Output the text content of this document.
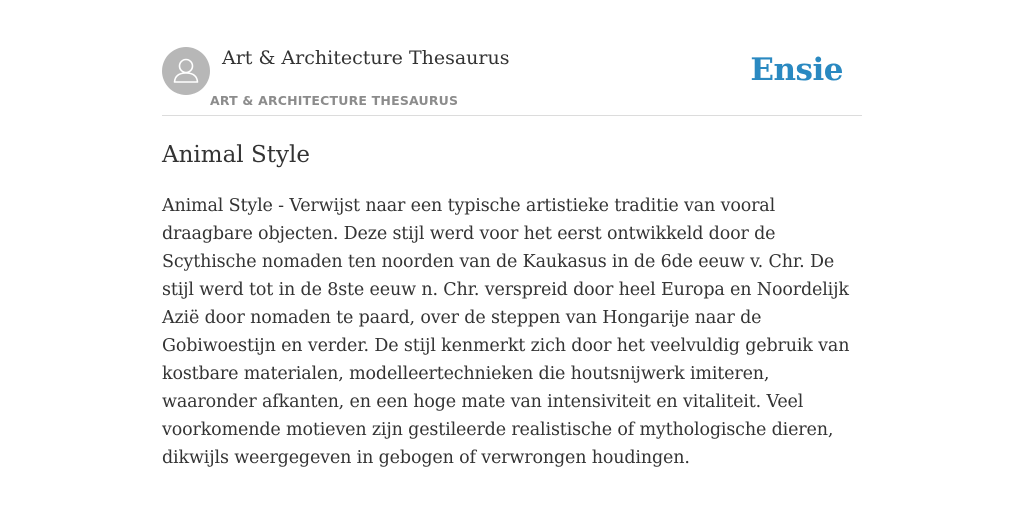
Art & Architecture Thesaurus
ART & ARCHITECTURE THESAURUS
Ensie
Animal Style

Animal Style - Verwijst naar een typische artistieke traditie van vooral draagbare objecten. Deze stijl werd voor het eerst ontwikkeld door de Scythische nomaden ten noorden van de Kaukasus in de 6de eeuw v. Chr. De stijl werd tot in de 8ste eeuw n. Chr. verspreid door heel Europa en Noordelijk Azië door nomaden te paard, over de steppen van Hongarije naar de Gobiwoestijn en verder. De stijl kenmerkt zich door het veelvuldig gebruik van kostbare materialen, modelleertechnieken die houtsnijwerk imiteren, waaronder afkanten, en een hoge mate van intensiviteit en vitaliteit. Veel voorkomende motieven zijn gestileerde realistische of mythologische dieren, dikwijls weergegeven in gebogen of verwrongen houdingen.
